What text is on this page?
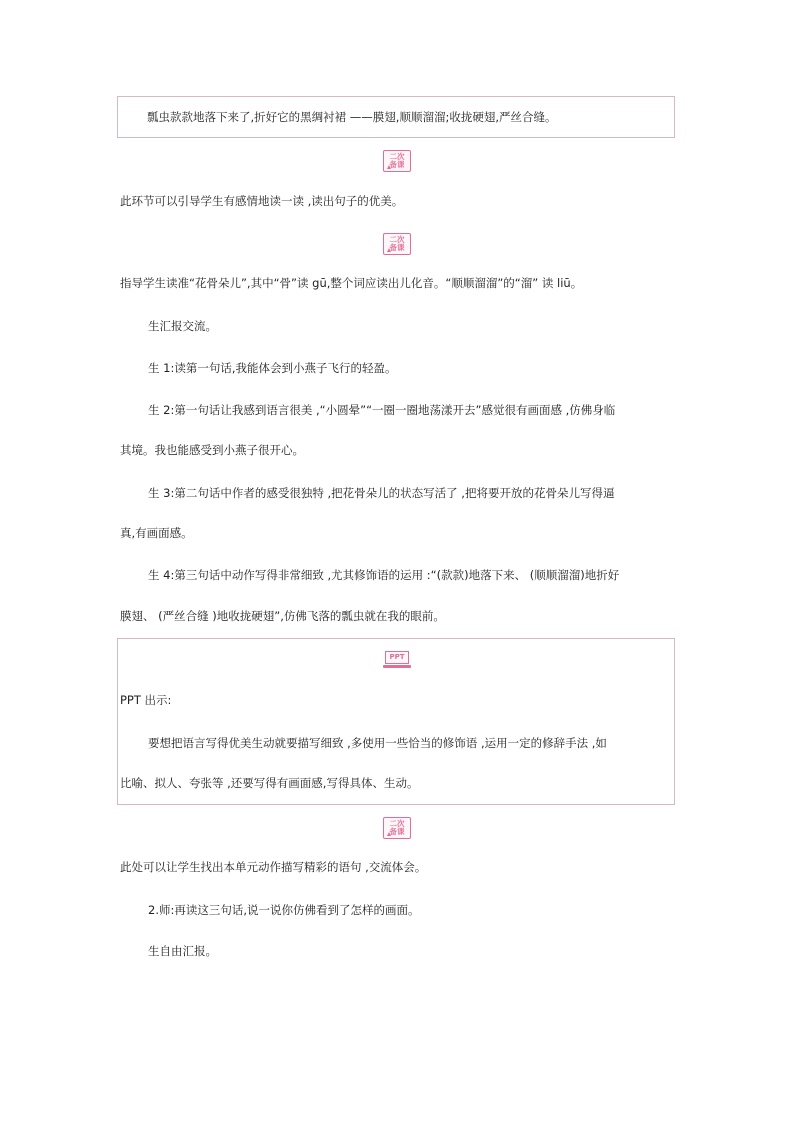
瓢虫款款地落下来了,折好它的黑绸衬裙 ——膜翅,顺顺溜溜;收拢硬翅,严丝合缝。
二次
备课
此环节可以引导学生有感情地读一读 ,读出句子的优美。
二次
备课
指导学生读准“花骨朵儿”,其中“骨”读 gū,整个词应读出儿化音。“顺顺溜溜”的“溜” 读 liū。
生汇报交流。
生 1:读第一句话,我能体会到小燕子飞行的轻盈。
生 2:第一句话让我感到语言很美 ,“小圆晕”“一圈一圈地荡漾开去”感觉很有画面感 ,仿佛身临
其境。我也能感受到小燕子很开心。
生 3:第二句话中作者的感受很独特 ,把花骨朵儿的状态写活了 ,把将要开放的花骨朵儿写得逼
真,有画面感。
生 4:第三句话中动作写得非常细致 ,尤其修饰语的运用 :“(款款)地落下来、 (顺顺溜溜)地折好
膜翅、 (严丝合缝 )地收拢硬翅”,仿佛飞落的瓢虫就在我的眼前。
PPT
PPT 出示:
要想把语言写得优美生动就要描写细致 ,多使用一些恰当的修饰语 ,运用一定的修辞手法 ,如
比喻、拟人、夸张等 ,还要写得有画面感,写得具体、生动。
二次
备课
此处可以让学生找出本单元动作描写精彩的语句 ,交流体会。
2.师:再读这三句话,说一说你仿佛看到了怎样的画面。
生自由汇报。
